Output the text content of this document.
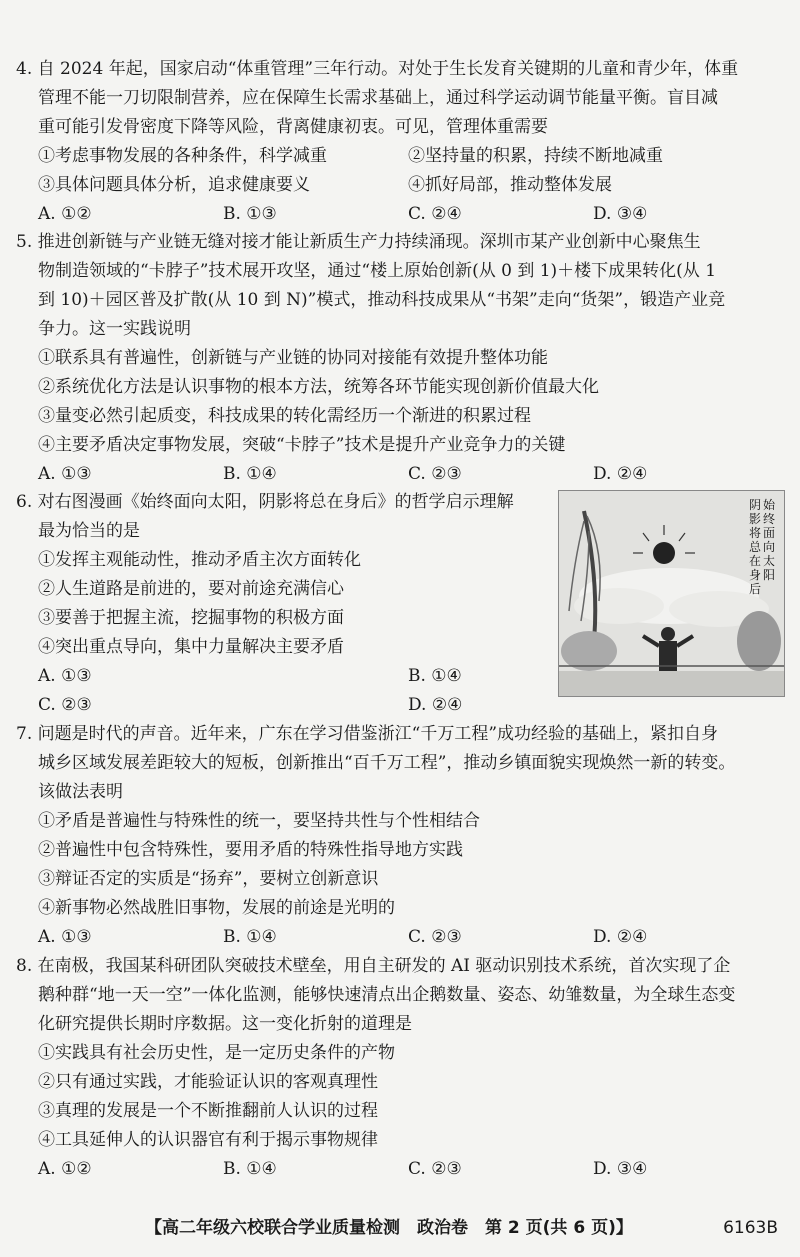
4. 自 2024 年起，国家启动“体重管理”三年行动。对处于生长发育关键期的儿童和青少年，体重
管理不能一刀切限制营养，应在保障生长需求基础上，通过科学运动调节能量平衡。盲目减
重可能引发骨密度下降等风险，背离健康初衷。可见，管理体重需要
①考虑事物发展的各种条件，科学减重	②坚持量的积累，持续不断地减重
③具体问题具体分析，追求健康要义	④抓好局部，推动整体发展
A. ①②	B. ①③	C. ②④	D. ③④
5. 推进创新链与产业链无缝对接才能让新质生产力持续涌现。深圳市某产业创新中心聚焦生
物制造领域的“卡脖子”技术展开攻坚，通过“楼上原始创新(从 0 到 1)＋楼下成果转化(从 1
到 10)＋园区普及扩散(从 10 到 N)”模式，推动科技成果从“书架”走向“货架”，锻造产业竞
争力。这一实践说明
①联系具有普遍性，创新链与产业链的协同对接能有效提升整体功能
②系统优化方法是认识事物的根本方法，统筹各环节能实现创新价值最大化
③量变必然引起质变，科技成果的转化需经历一个渐进的积累过程
④主要矛盾决定事物发展，突破“卡脖子”技术是提升产业竞争力的关键
A. ①③	B. ①④	C. ②③	D. ②④
6. 对右图漫画《始终面向太阳，阴影将总在身后》的哲学启示理解
最为恰当的是
①发挥主观能动性，推动矛盾主次方面转化
②人生道路是前进的，要对前途充满信心
③要善于把握主流，挖掘事物的积极方面
④突出重点导向，集中力量解决主要矛盾
A. ①③	B. ①④
C. ②③	D. ②④
始
终
面
向
太
阳
阴
影
将
总
在
身
后
7. 问题是时代的声音。近年来，广东在学习借鉴浙江“千万工程”成功经验的基础上，紧扣自身
城乡区域发展差距较大的短板，创新推出“百千万工程”，推动乡镇面貌实现焕然一新的转变。
该做法表明
①矛盾是普遍性与特殊性的统一，要坚持共性与个性相结合
②普遍性中包含特殊性，要用矛盾的特殊性指导地方实践
③辩证否定的实质是“扬弃”，要树立创新意识
④新事物必然战胜旧事物，发展的前途是光明的
A. ①③	B. ①④	C. ②③	D. ②④
8. 在南极，我国某科研团队突破技术壁垒，用自主研发的 AI 驱动识别技术系统，首次实现了企
鹅种群“地一天一空”一体化监测，能够快速清点出企鹅数量、姿态、幼雏数量，为全球生态变
化研究提供长期时序数据。这一变化折射的道理是
①实践具有社会历史性，是一定历史条件的产物
②只有通过实践，才能验证认识的客观真理性
③真理的发展是一个不断推翻前人认识的过程
④工具延伸人的认识器官有利于揭示事物规律
A. ①②	B. ①④	C. ②③	D. ③④
【高二年级六校联合学业质量检测　政治卷　第 2 页(共 6 页)】	6163B
